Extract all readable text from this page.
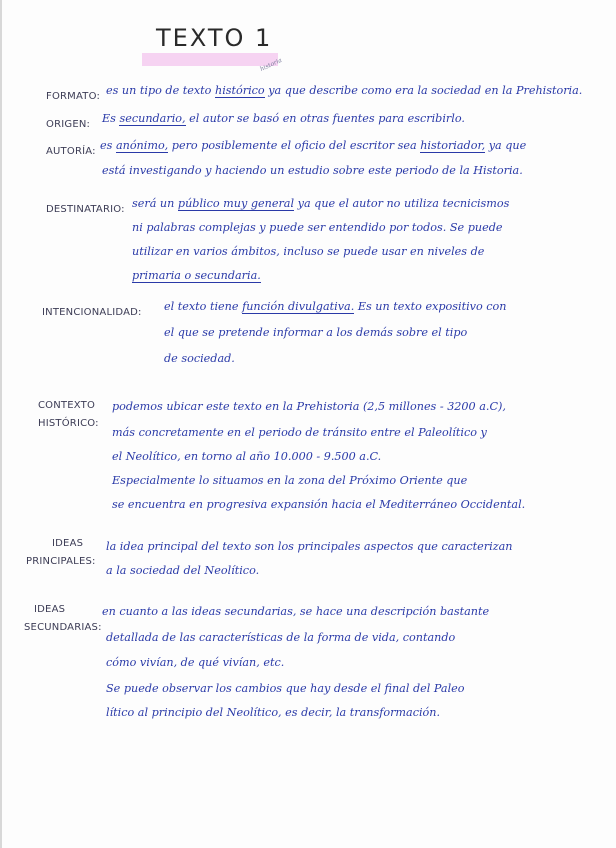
TEXTO 1
historia
FORMATO: es un tipo de texto histórico ya que describe como era la sociedad en la Prehistoria.
ORIGEN: Es secundario, el autor se basó en otras fuentes para escribirlo.
AUTORÍA: es anónimo, pero posiblemente el oficio del escritor sea historiador, ya que
está investigando y haciendo un estudio sobre este periodo de la Historia.
DESTINATARIO: será un público muy general ya que el autor no utiliza tecnicismos
ni palabras complejas y puede ser entendido por todos. Se puede
utilizar en varios ámbitos, incluso se puede usar en niveles de
primaria o secundaria.
INTENCIONALIDAD: el texto tiene función divulgativa. Es un texto expositivo con
el que se pretende informar a los demás sobre el tipo
de sociedad.
CONTEXTO
HISTÓRICO:
podemos ubicar este texto en la Prehistoria (2,5 millones - 3200 a.C),
más concretamente en el periodo de tránsito entre el Paleolítico y
el Neolítico, en torno al año 10.000 - 9.500 a.C.
Especialmente lo situamos en la zona del Próximo Oriente que
se encuentra en progresiva expansión hacia el Mediterráneo Occidental.
IDEAS
PRINCIPALES:
la idea principal del texto son los principales aspectos que caracterizan
a la sociedad del Neolítico.
IDEAS
SECUNDARIAS:
en cuanto a las ideas secundarias, se hace una descripción bastante
detallada de las características de la forma de vida, contando
cómo vivían, de qué vivían, etc.
Se puede observar los cambios que hay desde el final del Paleo
lítico al principio del Neolítico, es decir, la transformación.
